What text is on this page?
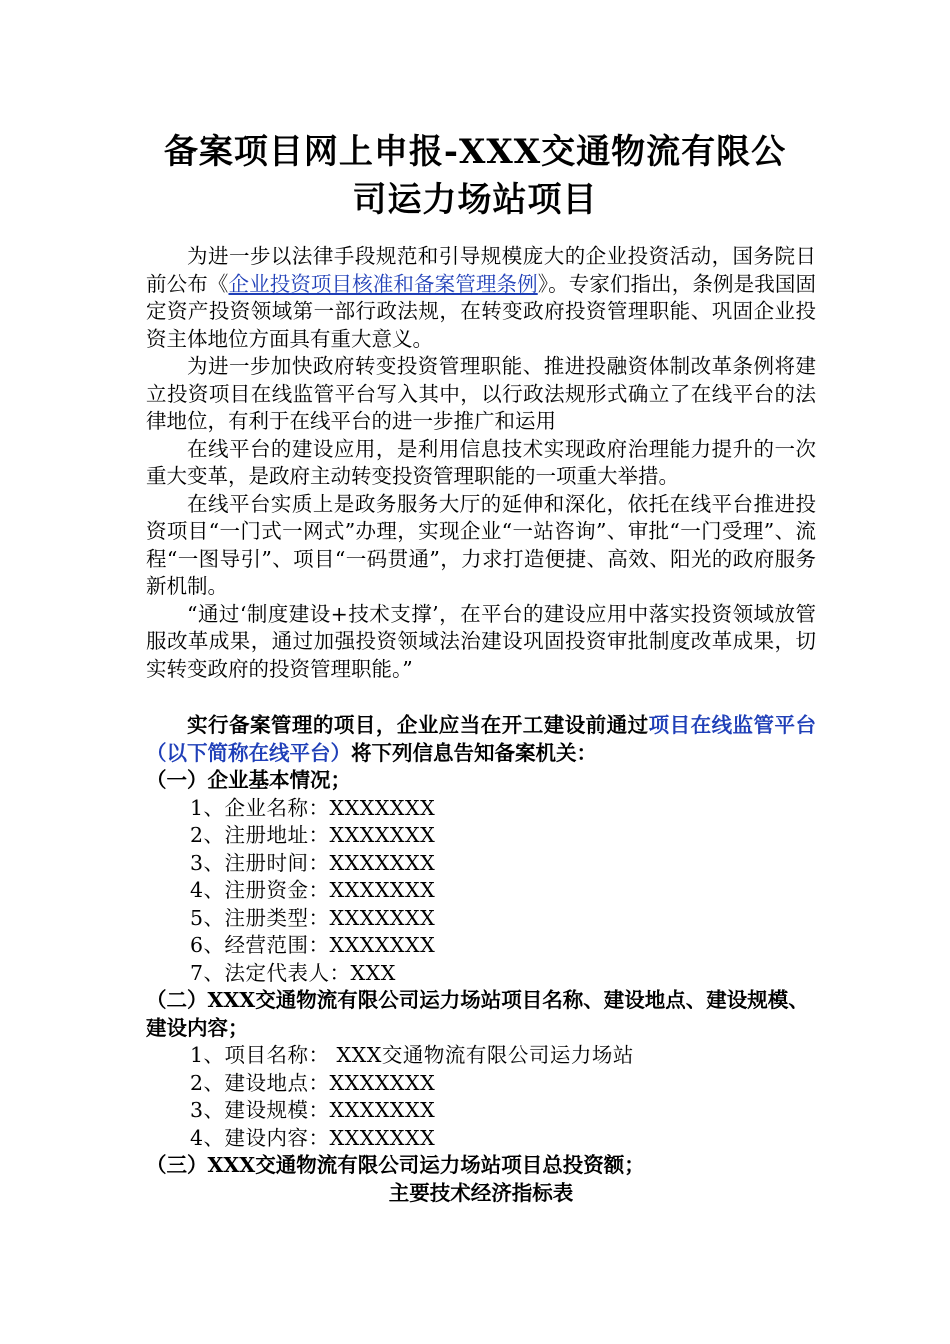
备案项目网上申报-XXX交通物流有限公
司运力场站项目

为进一步以法律手段规范和引导规模庞大的企业投资活动，国务院日前公布《企业投资项目核准和备案管理条例》。专家们指出，条例是我国固定资产投资领域第一部行政法规，在转变政府投资管理职能、巩固企业投资主体地位方面具有重大意义。

为进一步加快政府转变投资管理职能、推进投融资体制改革条例将建立投资项目在线监管平台写入其中，以行政法规形式确立了在线平台的法律地位，有利于在线平台的进一步推广和运用

在线平台的建设应用，是利用信息技术实现政府治理能力提升的一次重大变革，是政府主动转变投资管理职能的一项重大举措。

在线平台实质上是政务服务大厅的延伸和深化，依托在线平台推进投资项目“一门式一网式”办理，实现企业“一站咨询”、审批“一门受理”、流程“一图导引”、项目“一码贯通”，力求打造便捷、高效、阳光的政府服务新机制。

“通过‘制度建设+技术支撑’，在平台的建设应用中落实投资领域放管服改革成果，通过加强投资领域法治建设巩固投资审批制度改革成果，切实转变政府的投资管理职能。”

实行备案管理的项目，企业应当在开工建设前通过项目在线监管平台（以下简称在线平台）将下列信息告知备案机关：

（一）企业基本情况；

1、企业名称：XXXXXXX

2、注册地址：XXXXXXX

3、注册时间：XXXXXXX

4、注册资金：XXXXXXX

5、注册类型：XXXXXXX

6、经营范围：XXXXXXX

7、法定代表人：XXX

（二）XXX交通物流有限公司运力场站项目名称、建设地点、建设规模、建设内容；

1、项目名称： XXX交通物流有限公司运力场站

2、建设地点：XXXXXXX

3、建设规模：XXXXXXX

4、建设内容：XXXXXXX

（三）XXX交通物流有限公司运力场站项目总投资额；

主要技术经济指标表
